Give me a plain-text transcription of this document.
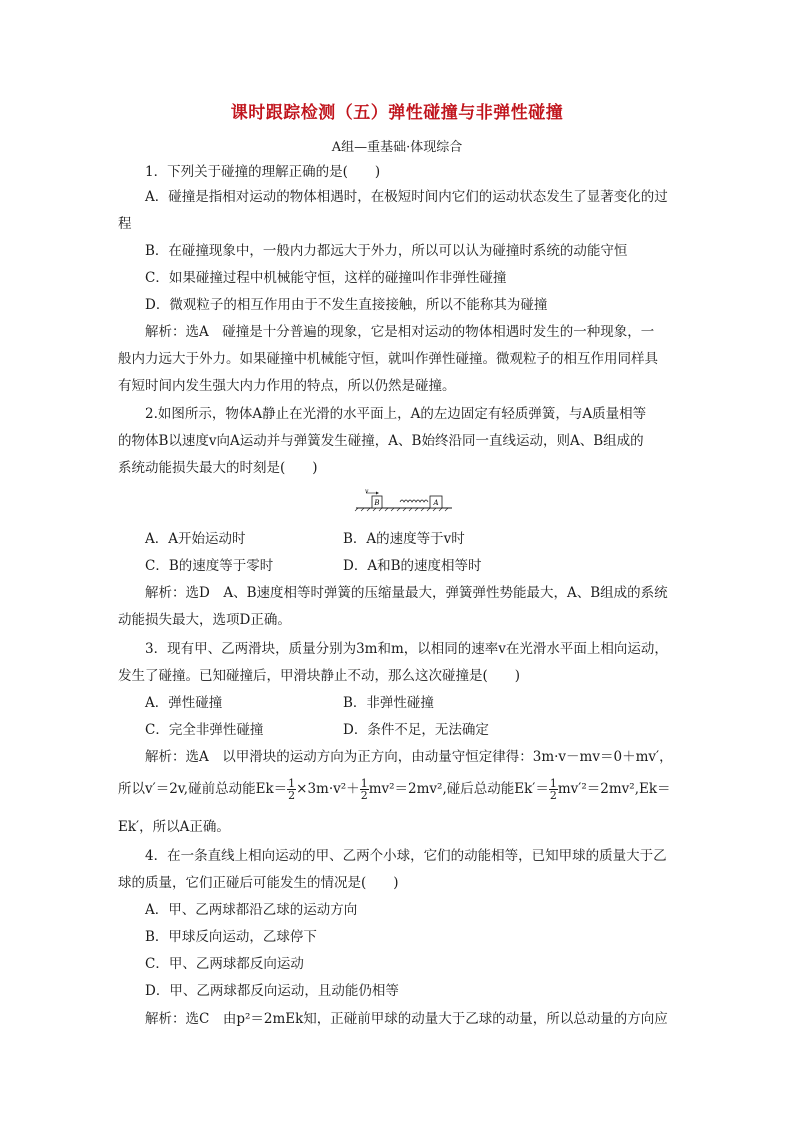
课时跟踪检测（五）弹性碰撞与非弹性碰撞
A组—重基础·体现综合
1．下列关于碰撞的理解正确的是(　　)
A．碰撞是指相对运动的物体相遇时，在极短时间内它们的运动状态发生了显著变化的过
程
B．在碰撞现象中，一般内力都远大于外力，所以可以认为碰撞时系统的动能守恒
C．如果碰撞过程中机械能守恒，这样的碰撞叫作非弹性碰撞
D．微观粒子的相互作用由于不发生直接接触，所以不能称其为碰撞
解析：选A　碰撞是十分普遍的现象，它是相对运动的物体相遇时发生的一种现象，一
般内力远大于外力。如果碰撞中机械能守恒，就叫作弹性碰撞。微观粒子的相互作用同样具
有短时间内发生强大内力作用的特点，所以仍然是碰撞。
2.如图所示，物体A静止在光滑的水平面上，A的左边固定有轻质弹簧，与A质量相等
的物体B以速度v向A运动并与弹簧发生碰撞，A、B始终沿同一直线运动，则A、B组成的
系统动能损失最大的时刻是(　　)
B
v
A
A．A开始运动时	B．A的速度等于v时
C．B的速度等于零时	D．A和B的速度相等时
解析：选D　A、B速度相等时弹簧的压缩量最大，弹簧弹性势能最大，A、B组成的系统
动能损失最大，选项D正确。
3．现有甲、乙两滑块，质量分别为3m和m，以相同的速率v在光滑水平面上相向运动，
发生了碰撞。已知碰撞后，甲滑块静止不动，那么这次碰撞是(　　)
A．弹性碰撞	B．非弹性碰撞
C．完全非弹性碰撞	D．条件不足，无法确定
解析：选A　以甲滑块的运动方向为正方向，由动量守恒定律得：3m·v－mv＝0＋mv′，
所以v′＝2v,碰前总动能$Ek= \frac{1}{2} \times 3m\cdot v^2+ \frac{1}{2} mv^2=2mv^2$,碰后总动能$Ek'= \frac{1}{2} mv'^2=2mv^2,Ek=$
Ek′，所以A正确。
4．在一条直线上相向运动的甲、乙两个小球，它们的动能相等，已知甲球的质量大于乙
球的质量，它们正碰后可能发生的情况是(　　)
A．甲、乙两球都沿乙球的运动方向
B．甲球反向运动，乙球停下
C．甲、乙两球都反向运动
D．甲、乙两球都反向运动，且动能仍相等
解析：选C　由p²＝2mEk知，正碰前甲球的动量大于乙球的动量，所以总动量的方向应
